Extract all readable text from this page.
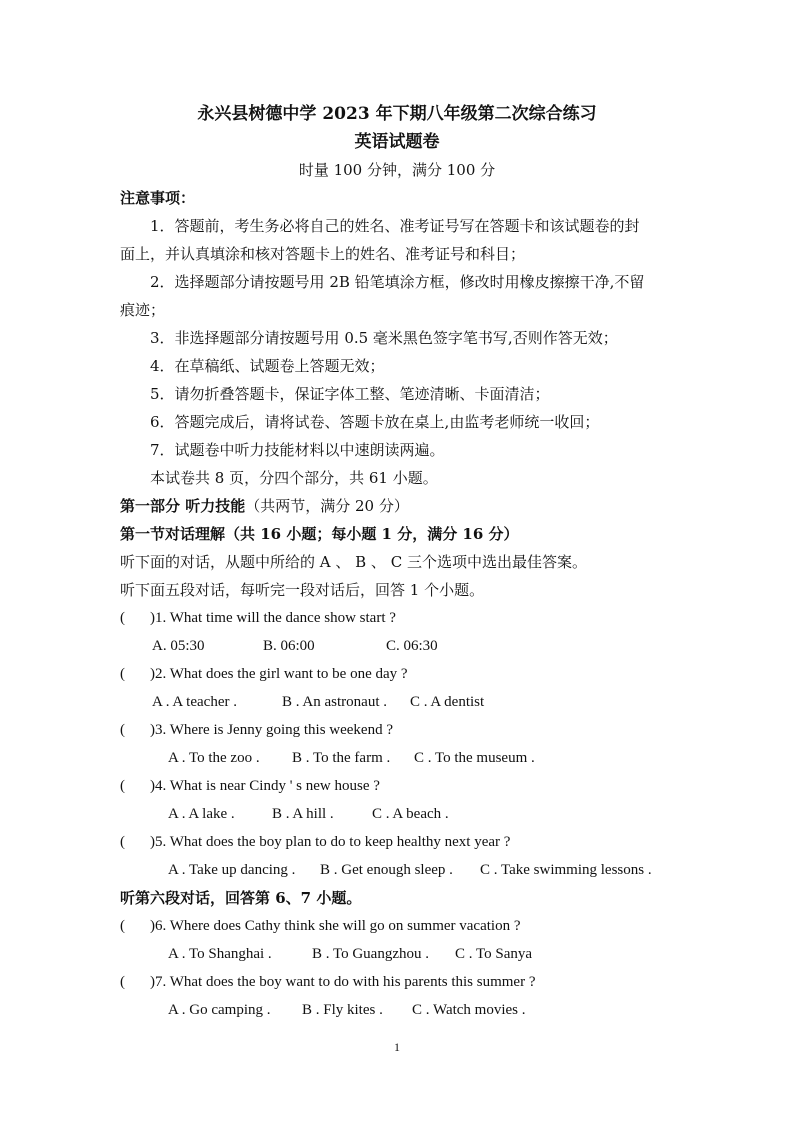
永兴县树德中学 2023 年下期八年级第二次综合练习
英语试题卷
时量 100 分钟，满分 100 分
注意事项：
1．答题前，考生务必将自己的姓名、准考证号写在答题卡和该试题卷的封
面上，并认真填涂和核对答题卡上的姓名、准考证号和科目；
2．选择题部分请按题号用 2B 铅笔填涂方框，修改时用橡皮擦擦干净,不留
痕迹；
3．非选择题部分请按题号用 0.5 毫米黑色签字笔书写,否则作答无效；
4．在草稿纸、试题卷上答题无效；
5．请勿折叠答题卡，保证字体工整、笔迹清晰、卡面清洁；
6．答题完成后，请将试卷、答题卡放在桌上,由监考老师统一收回；
7．试题卷中听力技能材料以中速朗读两遍。
本试卷共 8 页，分四个部分，共 61 小题。
第一部分 听力技能（共两节，满分 20 分）
第一节对话理解（共 16 小题；每小题 1 分，满分 16 分）
听下面的对话，从题中所给的 A 、 B 、 C 三个选项中选出最佳答案。
听下面五段对话，每听完一段对话后，回答 1 个小题。
( )1. What time will the dance show start ?
A. 05:30	B. 06:00	C. 06:30
( )2. What does the girl want to be one day ?
A . A teacher .	B . An astronaut . C . A dentist
( )3. Where is Jenny going this weekend ?
A . To the zoo . B . To the farm . C . To the museum .
( )4. What is near Cindy ' s new house ?
A . A lake . B . A hill .	C . A beach .
( )5. What does the boy plan to do to keep healthy next year ?
A . Take up dancing . B . Get enough sleep . C . Take swimming lessons .
听第六段对话，回答第 6、7 小题。
( )6. Where does Cathy think she will go on summer vacation ?
A . To Shanghai .	B . To Guangzhou . C . To Sanya
( )7. What does the boy want to do with his parents this summer ?
A . Go camping . B . Fly kites . C . Watch movies .
1
